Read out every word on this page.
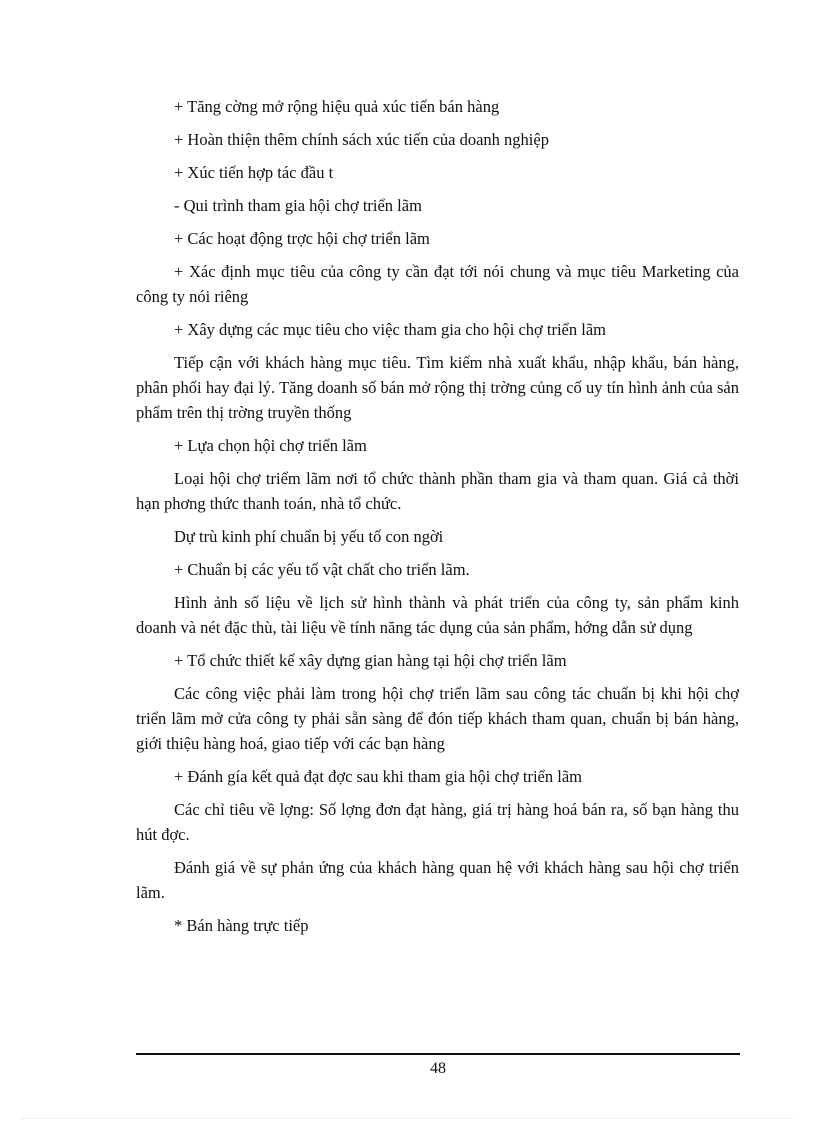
+ Tăng cờng mở rộng hiệu quả xúc tiến bán hàng

+ Hoàn thiện thêm chính sách xúc tiến của doanh nghiệp

+ Xúc tiến hợp tác đầu t

- Qui trình tham gia hội chợ triển lãm

+ Các hoạt động trợc hội chợ triển lãm

+ Xác định mục tiêu của công ty cần đạt tới nói chung và mục tiêu Marketing của công ty nói riêng

+ Xây dựng các mục tiêu cho việc tham gia cho hội chợ triển lãm

Tiếp cận với khách hàng mục tiêu. Tìm kiếm nhà xuất khẩu, nhập khẩu, bán hàng, phân phối hay đại lý. Tăng doanh số bán mở rộng thị trờng củng cố uy tín hình ảnh của sản phẩm trên thị trờng truyền thống

+ Lựa chọn hội chợ triển lãm

Loại hội chợ triểm lãm nơi tổ chức thành phần tham gia và tham quan. Giá cả thời hạn phơng thức thanh toán, nhà tổ chức.

Dự trù kinh phí chuẩn bị yếu tố con ngời

+ Chuẩn bị các yếu tố vật chất cho triển lãm.

Hình ảnh số liệu về lịch sử hình thành và phát triển của công ty, sản phẩm kinh doanh và nét đặc thù, tài liệu về tính năng tác dụng của sản phẩm, hớng dẫn sử dụng

+ Tổ chức thiết kế xây dựng gian hàng tại hội chợ triển lãm

Các công việc phải làm trong hội chợ triển lãm sau công tác chuẩn bị khi hội chợ triển lãm mở cửa công ty phải sẵn sàng để đón tiếp khách tham quan, chuẩn bị bán hàng, giới thiệu hàng hoá, giao tiếp với các bạn hàng

+ Đánh gía kết quả đạt đợc sau khi tham gia hội chợ triển lãm

Các chỉ tiêu về lợng: Số lợng đơn đạt hàng, giá trị hàng hoá bán ra, số bạn hàng thu hút đợc.

Đánh giá về sự phản ứng của khách hàng quan hệ với khách hàng sau hội chợ triển lãm.

* Bán hàng trực tiếp

48
